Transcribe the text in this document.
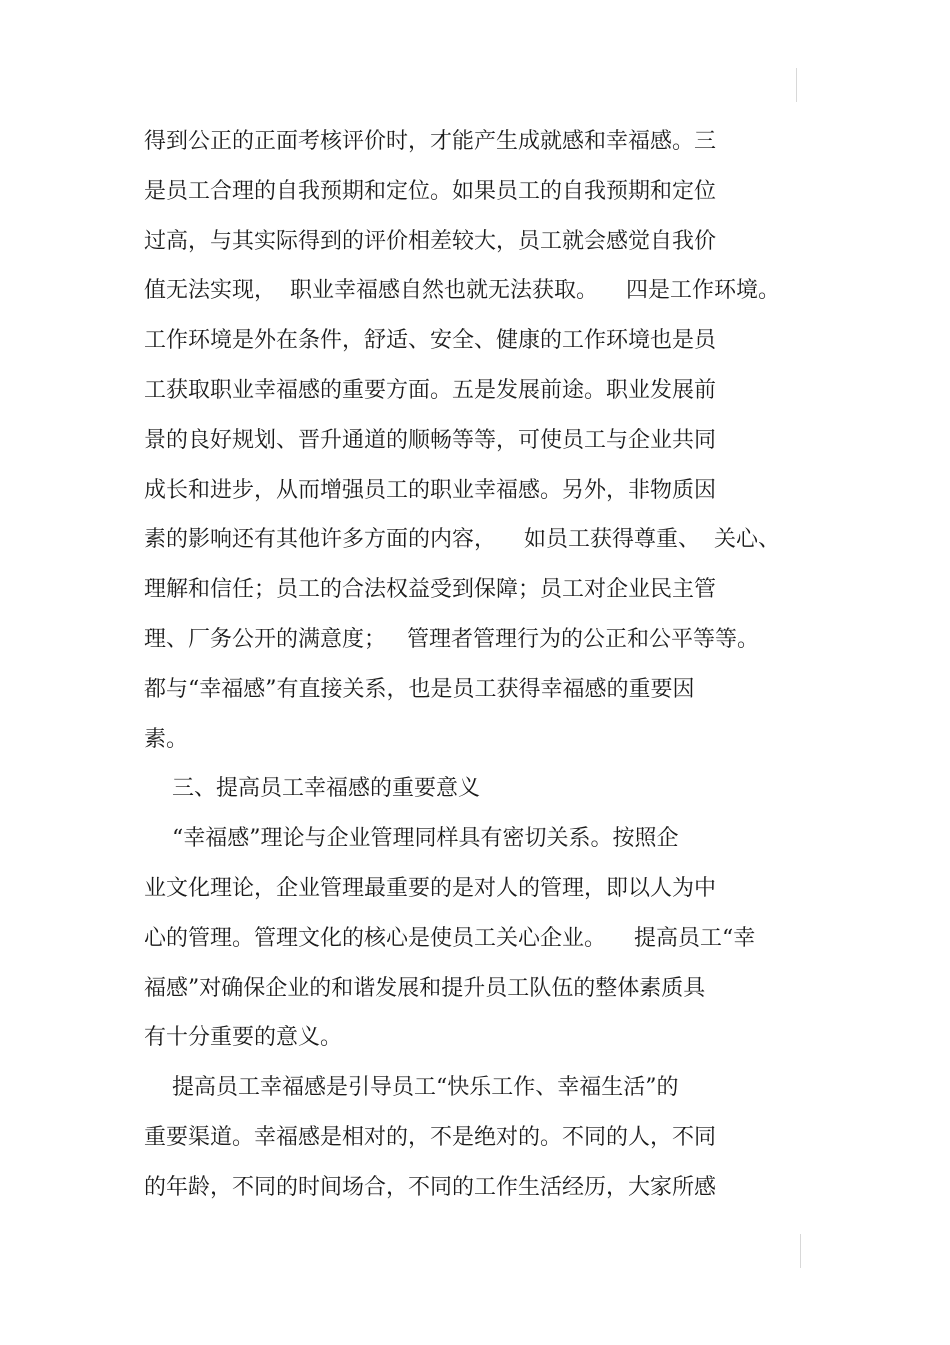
得到公正的正面考核评价时，才能产生成就感和幸福感。三
是员工合理的自我预期和定位。如果员工的自我预期和定位
过高，与其实际得到的评价相差较大，员工就会感觉自我价
值无法实现，  职业幸福感自然也就无法获取。    四是工作环境。
工作环境是外在条件，舒适、安全、健康的工作环境也是员
工获取职业幸福感的重要方面。五是发展前途。职业发展前
景的良好规划、晋升通道的顺畅等等，可使员工与企业共同
成长和进步，从而增强员工的职业幸福感。另外，非物质因
素的影响还有其他许多方面的内容，    如员工获得尊重、  关心、
理解和信任；员工的合法权益受到保障；员工对企业民主管
理、厂务公开的满意度；   管理者管理行为的公正和公平等等。
都与“幸福感”有直接关系，也是员工获得幸福感的重要因
素。
三、提高员工幸福感的重要意义
“幸福感”理论与企业管理同样具有密切关系。按照企
业文化理论，企业管理最重要的是对人的管理，即以人为中
心的管理。管理文化的核心是使员工关心企业。    提高员工“幸
福感”对确保企业的和谐发展和提升员工队伍的整体素质具
有十分重要的意义。
提高员工幸福感是引导员工“快乐工作、幸福生活”的
重要渠道。幸福感是相对的，不是绝对的。不同的人，不同
的年龄，不同的时间场合，不同的工作生活经历，大家所感
